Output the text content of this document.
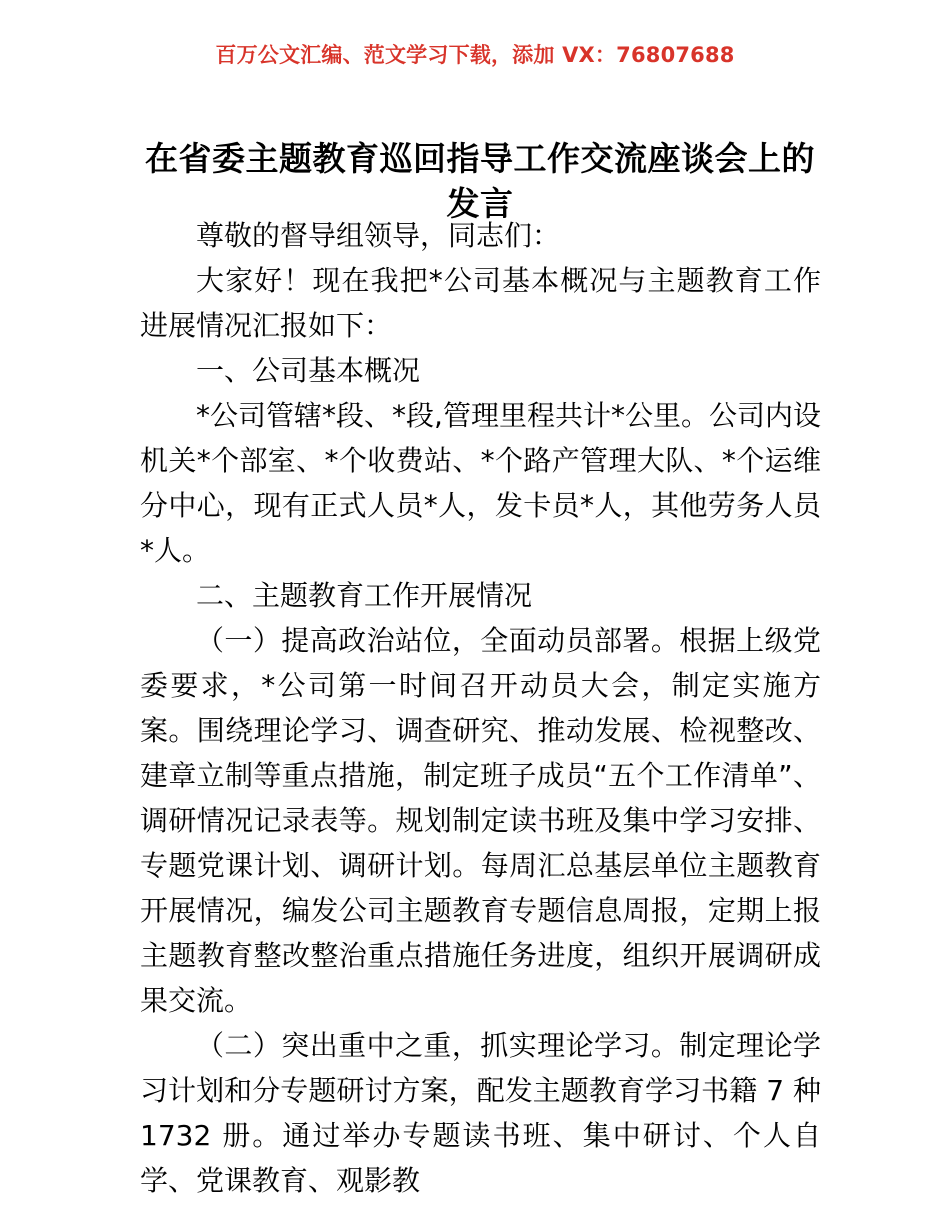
百万公文汇编、范文学习下载，添加 VX：76807688
在省委主题教育巡回指导工作交流座谈会上的发言

尊敬的督导组领导，同志们：

大家好！现在我把*公司基本概况与主题教育工作进展情况汇报如下：

一、公司基本概况

*公司管辖*段、*段,管理里程共计*公里。公司内设机关*个部室、*个收费站、*个路产管理大队、*个运维分中心，现有正式人员*人，发卡员*人，其他劳务人员*人。

二、主题教育工作开展情况

（一）提高政治站位，全面动员部署。根据上级党委要求，*公司第一时间召开动员大会，制定实施方案。围绕理论学习、调查研究、推动发展、检视整改、建章立制等重点措施，制定班子成员“五个工作清单”、调研情况记录表等。规划制定读书班及集中学习安排、专题党课计划、调研计划。每周汇总基层单位主题教育开展情况，编发公司主题教育专题信息周报，定期上报主题教育整改整治重点措施任务进度，组织开展调研成果交流。

（二）突出重中之重，抓实理论学习。制定理论学习计划和分专题研讨方案，配发主题教育学习书籍 7 种 1732 册。通过举办专题读书班、集中研讨、个人自学、党课教育、观影教
